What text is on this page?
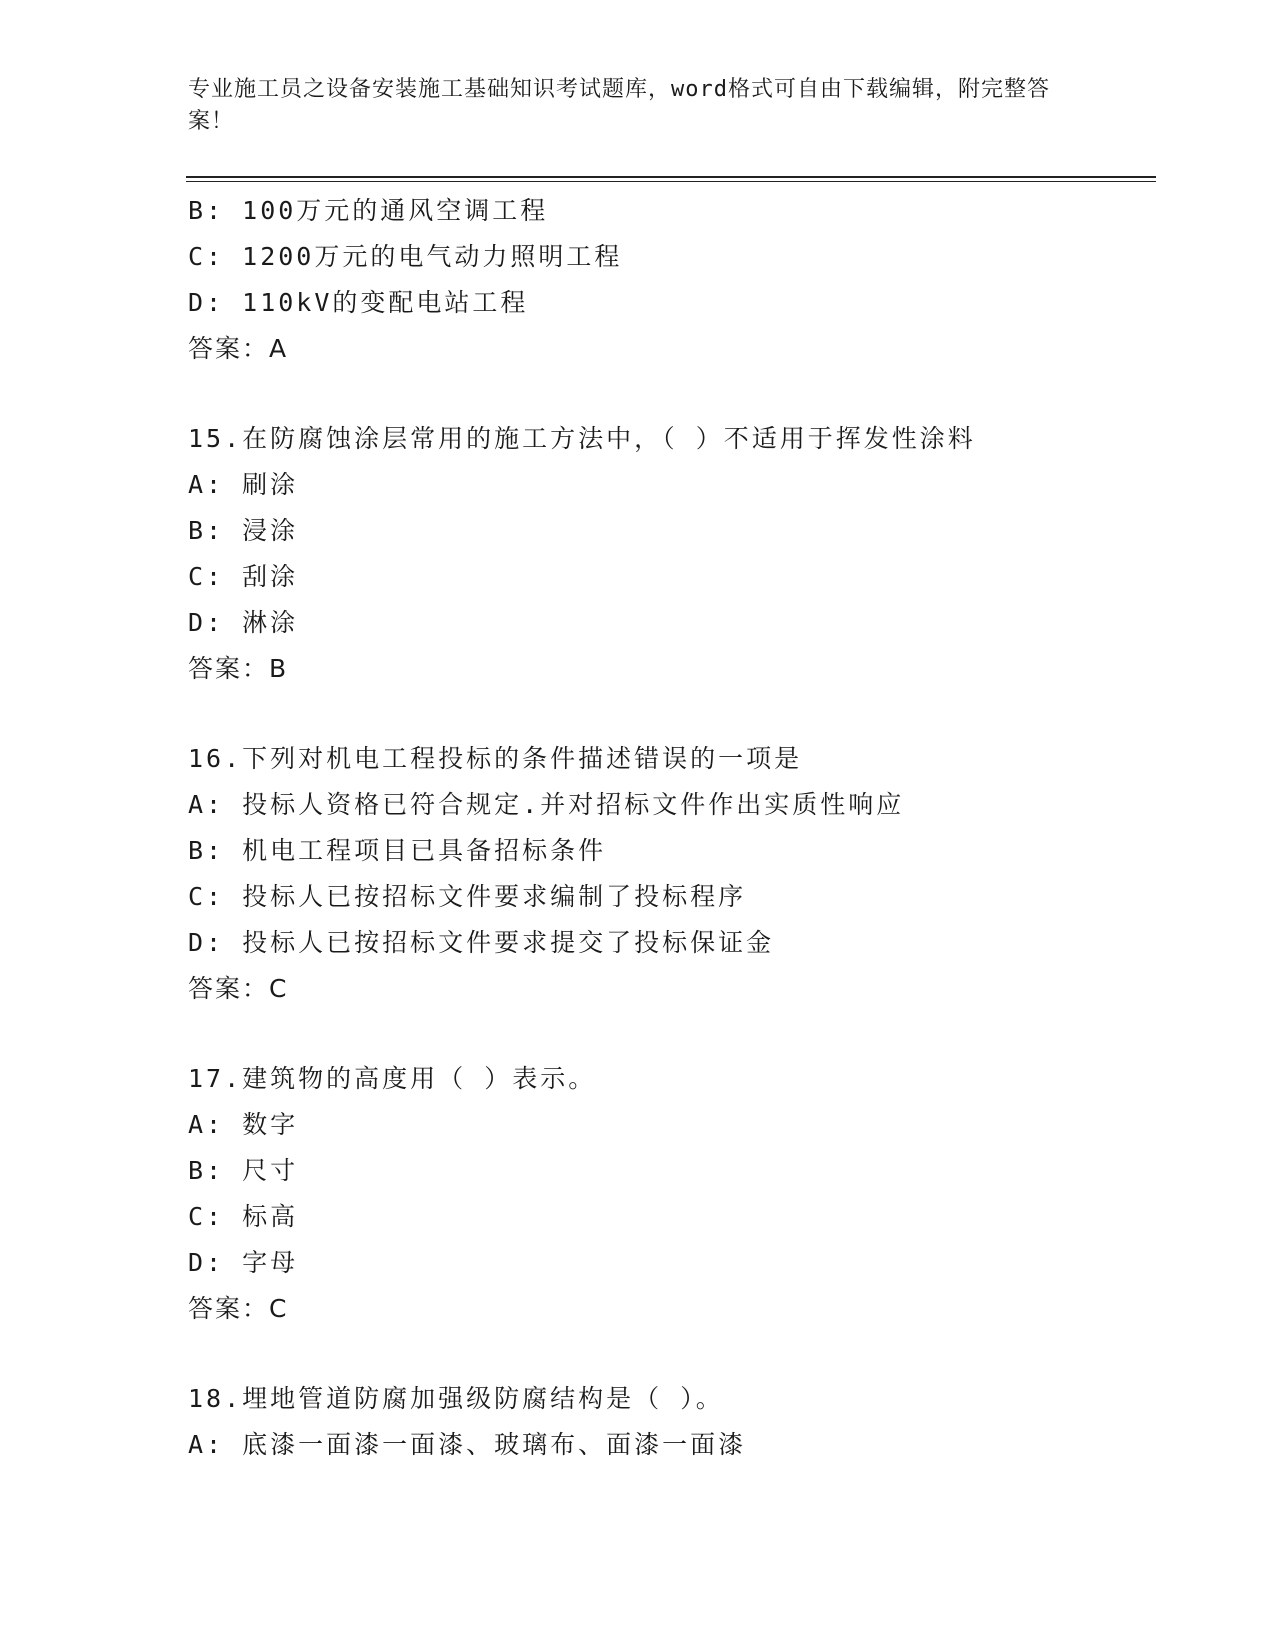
专业施工员之设备安装施工基础知识考试题库，word格式可自由下载编辑，附完整答案！
B: 100万元的通风空调工程
C: 1200万元的电气动力照明工程
D: 110kV的变配电站工程
答案：A
15.在防腐蚀涂层常用的施工方法中，（ ）不适用于挥发性涂料
A: 刷涂
B: 浸涂
C: 刮涂
D: 淋涂
答案：B
16.下列对机电工程投标的条件描述错误的一项是
A: 投标人资格已符合规定.并对招标文件作出实质性响应
B: 机电工程项目已具备招标条件
C: 投标人已按招标文件要求编制了投标程序
D: 投标人已按招标文件要求提交了投标保证金
答案：C
17.建筑物的高度用（ ）表示。
A: 数字
B: 尺寸
C: 标高
D: 字母
答案：C
18.埋地管道防腐加强级防腐结构是（ ）。
A: 底漆一面漆一面漆、玻璃布、面漆一面漆
